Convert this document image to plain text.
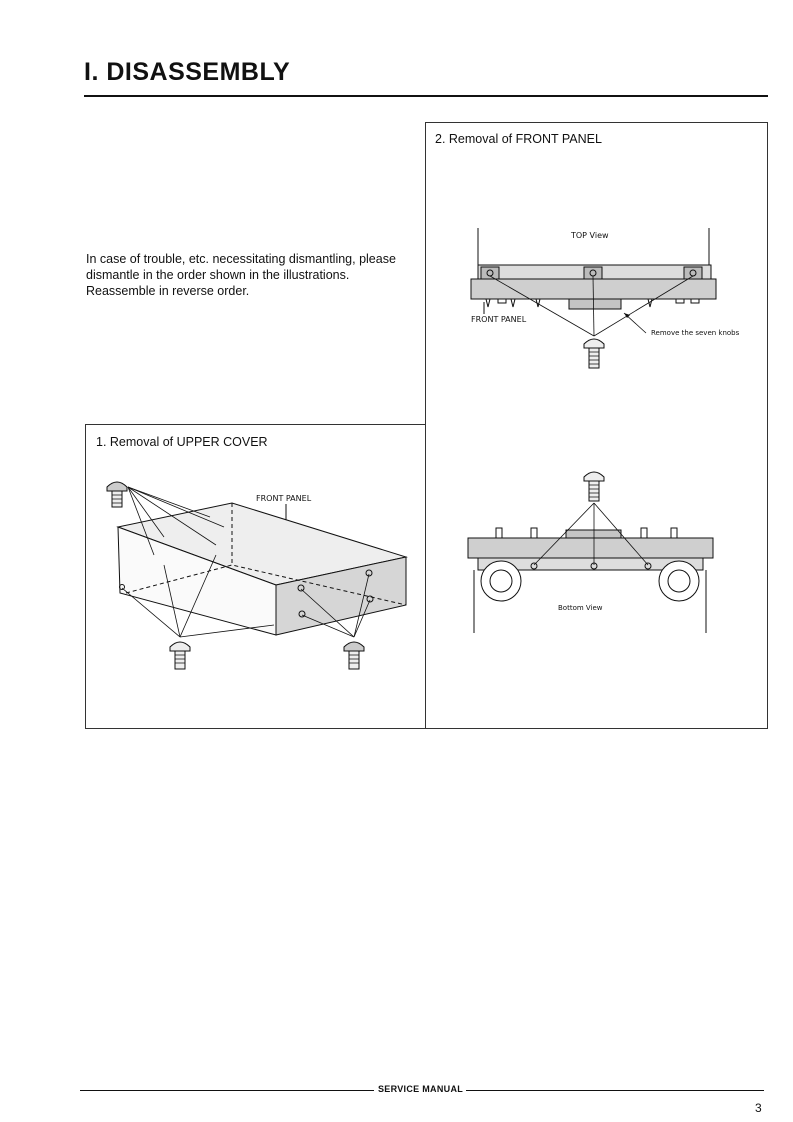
I. DISASSEMBLY

In case of trouble, etc. necessitating dismantling, please

dismantle in the order shown in the illustrations.

Reassemble in reverse order.

2. Removal of FRONT PANEL
TOP View
FRONT PANEL
Remove the seven knobs
Bottom View
1. Removal of UPPER COVER
FRONT PANEL
SERVICE MANUAL
3
